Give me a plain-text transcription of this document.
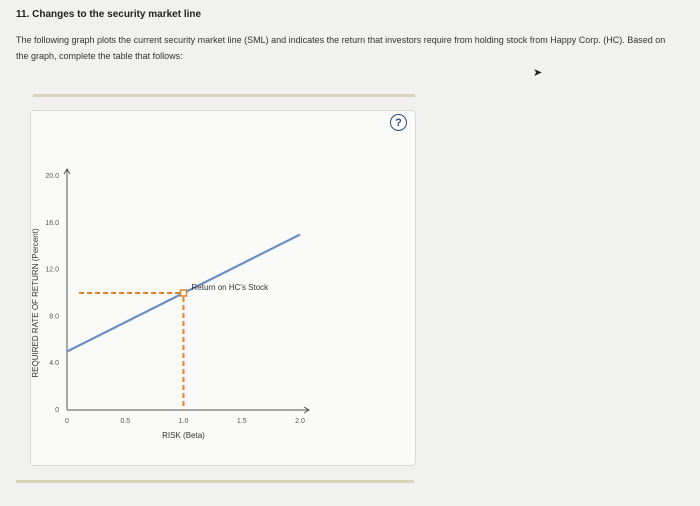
11. Changes to the security market line
The following graph plots the current security market line (SML) and indicates the return that investors require from holding stock from Happy Corp. (HC). Based on the graph, complete the table that follows:
➤
?
0	0.5	1.0	1.5	2.0
0
4.0
8.0
12.0
16.0
20.0
RISK (Beta)
REQUIRED RATE OF RETURN (Percent)	Return on HC's Stock
